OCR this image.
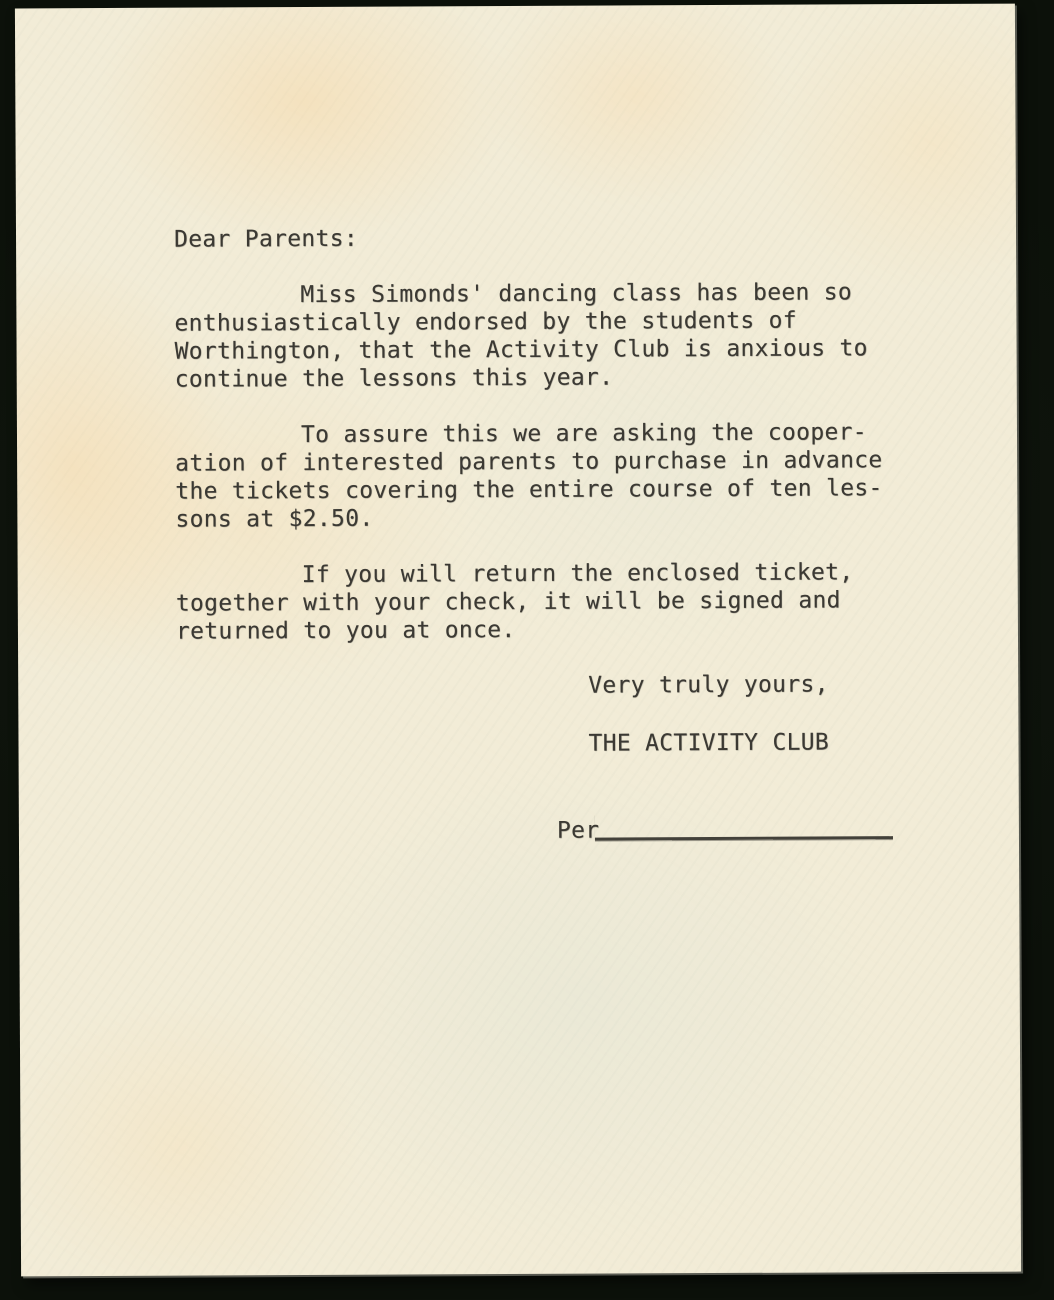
Dear Parents:

Miss Simonds' dancing class has been so
enthusiastically endorsed by the students of
Worthington, that the Activity Club is anxious to
continue the lessons this year.

To assure this we are asking the cooper-
ation of interested parents to purchase in advance
the tickets covering the entire course of ten les-
sons at $2.50.

If you will return the enclosed ticket,
together with your check, it will be signed and
returned to you at once.

Very truly yours,

THE ACTIVITY CLUB

Per
